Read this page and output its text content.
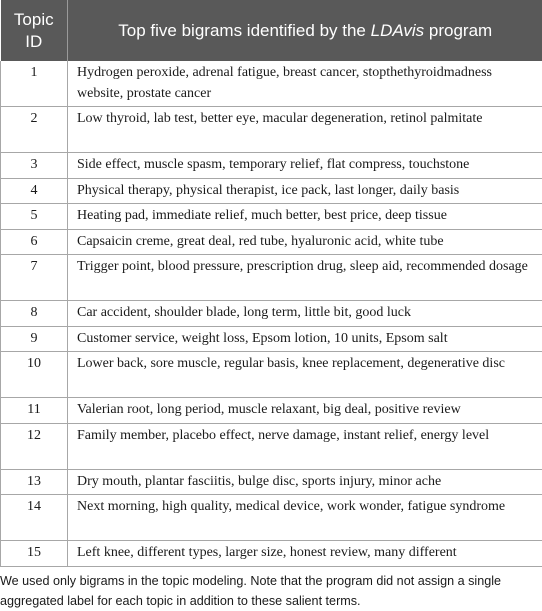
Topic ID	Top five bigrams identified by the LDAvis program
1	Hydrogen peroxide, adrenal fatigue, breast cancer, stopthethyroidmadness website, prostate cancer
2	Low thyroid, lab test, better eye, macular degeneration, retinol palmitate
3	Side effect, muscle spasm, temporary relief, flat compress, touchstone
4	Physical therapy, physical therapist, ice pack, last longer, daily basis
5	Heating pad, immediate relief, much better, best price, deep tissue
6	Capsaicin creme, great deal, red tube, hyaluronic acid, white tube
7	Trigger point, blood pressure, prescription drug, sleep aid, recommended dosage
8	Car accident, shoulder blade, long term, little bit, good luck
9	Customer service, weight loss, Epsom lotion, 10 units, Epsom salt
10	Lower back, sore muscle, regular basis, knee replacement, degenerative disc
11	Valerian root, long period, muscle relaxant, big deal, positive review
12	Family member, placebo effect, nerve damage, instant relief, energy level
13	Dry mouth, plantar fasciitis, bulge disc, sports injury, minor ache
14	Next morning, high quality, medical device, work wonder, fatigue syndrome
15	Left knee, different types, larger size, honest review, many different
We used only bigrams in the topic modeling. Note that the program did not assign a single aggregated label for each topic in addition to these salient terms.
